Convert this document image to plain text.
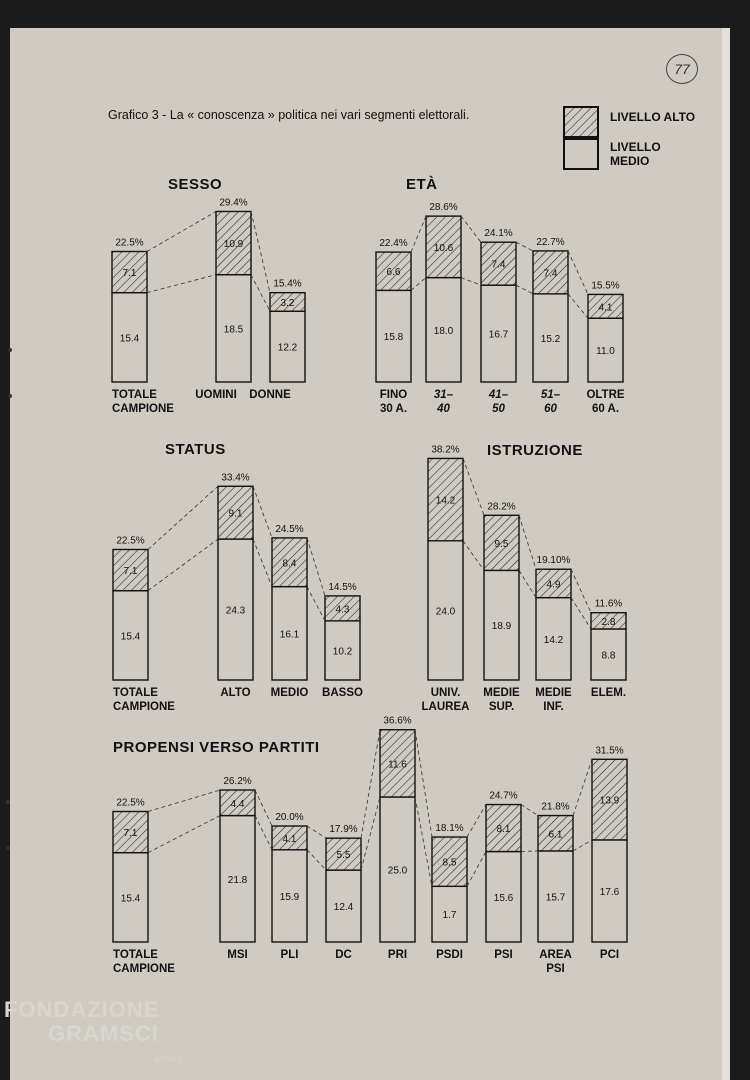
Grafico 3 - La « conoscenza » politica nei vari segmenti elettorali.
77
LIVELLO ALTO
LIVELLO MEDIO
SESSO	ETÀ
STATUS	ISTRUZIONE
PROPENSI VERSO PARTITI
15.4
7.1
22.5%
TOTALE
CAMPIONE
18.5
10.9
29.4%
UOMINI
12.2
3.2
15.4%
DONNE
15.8
6.6
22.4%
FINO
30 A.
18.0
10.6
28.6%
31–
40
16.7
7.4
24.1%
41–
50
15.2
7.4
22.7%
51–
60
11.0
4.1
15.5%
OLTRE
60 A.
15.4
7.1
22.5%
TOTALE
CAMPIONE
24.3
9.1
33.4%
ALTO
16.1
8.4
24.5%
MEDIO
10.2
4.3
14.5%
BASSO
24.0
14.2
38.2%
UNIV.
LAUREA
18.9
9.5
28.2%
MEDIE
SUP.
14.2
4.9
19.10%
MEDIE
INF.
8.8
2.8
11.6%
ELEM.
15.4
7.1
22.5%
TOTALE
CAMPIONE
21.8
4.4
26.2%
MSI
15.9
4.1
20.0%
PLI
12.4
5.5
17.9%
DC
25.0
11.6
36.6%
PRI
1.7
8.5
18.1%
PSDI
15.6
8.1
24.7%
PSI
15.7
6.1
21.8%
AREA
PSI
17.6
13.9
31.5%
PCI
FONDAZIONE
GRAMSCI
onlus
